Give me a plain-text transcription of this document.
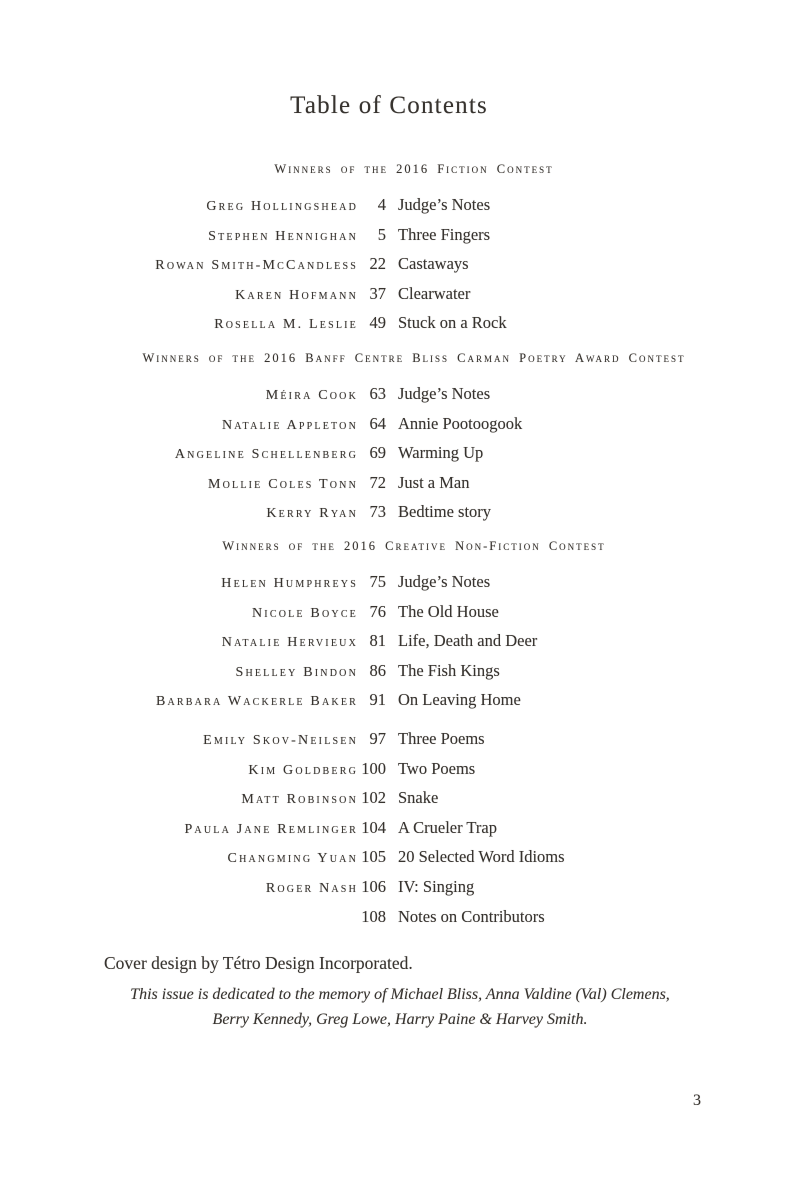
Table of Contents
Cover design by Tétro Design Incorporated.
This issue is dedicated to the memory of Michael Bliss, Anna Valdine (Val) Clemens,
Berry Kennedy, Greg Lowe, Harry Paine & Harvey Smith.
3
Winners of the 2016 Fiction Contest
Greg Hollingshead	4 Judge’s Notes
Stephen Hennighan	5 Three Fingers
Rowan Smith-McCandless 22 Castaways
Karen Hofmann 37 Clearwater
Rosella M. Leslie 49 Stuck on a Rock
Winners of the 2016 Banff Centre Bliss Carman Poetry Award Contest
Méira Cook 63 Judge’s Notes
Natalie Appleton 64 Annie Pootoogook
Angeline Schellenberg 69 Warming Up
Mollie Coles Tonn 72 Just a Man
Kerry Ryan 73 Bedtime story
Winners of the 2016 Creative Non-Fiction Contest
Helen Humphreys 75 Judge’s Notes
Nicole Boyce 76 The Old House
Natalie Hervieux 81 Life, Death and Deer
Shelley Bindon 86 The Fish Kings
Barbara Wackerle Baker 91 On Leaving Home
Emily Skov-Neilsen 97 Three Poems
Kim Goldberg 100 Two Poems
Matt Robinson 102 Snake
Paula Jane Remlinger 104 A Crueler Trap
Changming Yuan 105 20 Selected Word Idioms
Roger Nash 106 IV: Singing
108 Notes on Contributors
